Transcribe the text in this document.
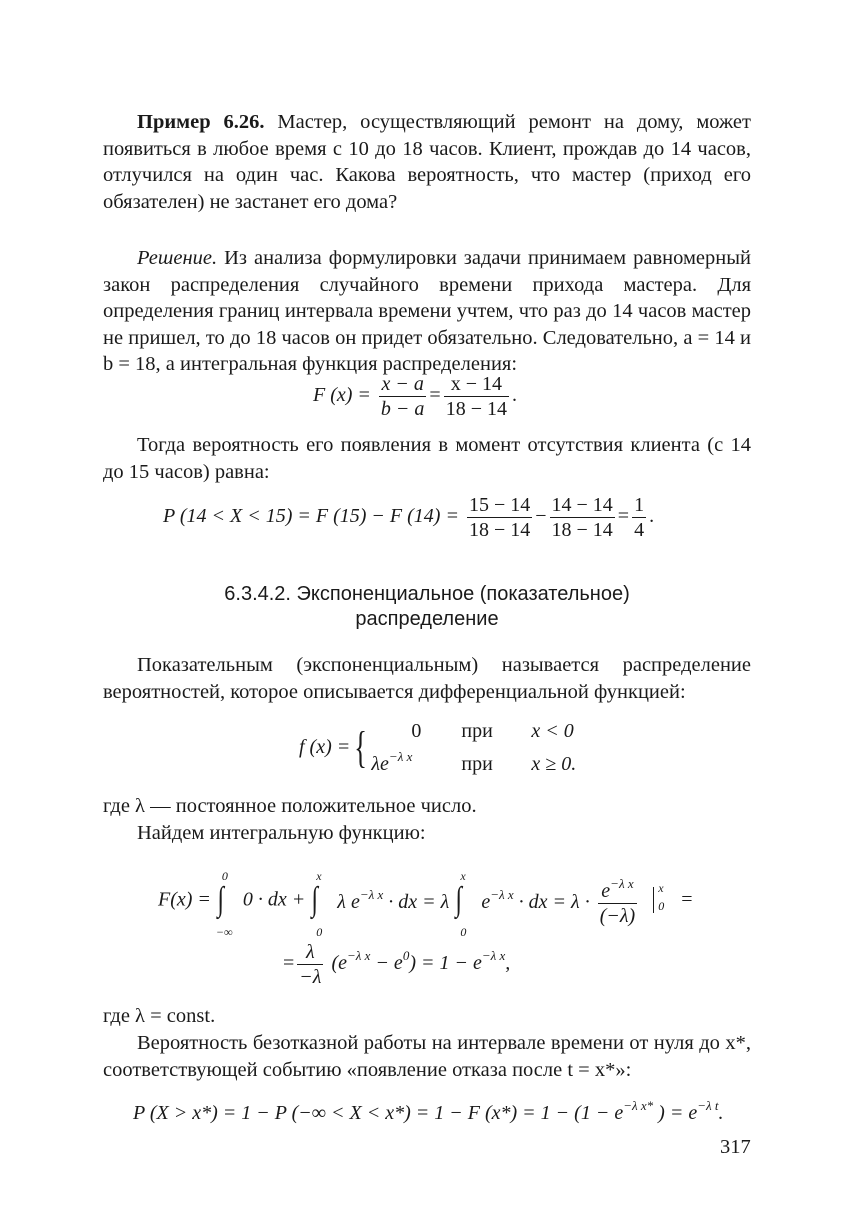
Пример 6.26. Мастер, осуществляющий ремонт на дому, может появиться в любое время с 10 до 18 часов. Клиент, прождав до 14 часов, отлучился на один час. Какова вероятность, что мастер (приход его обязателен) не застанет его дома?

Решение. Из анализа формулировки задачи принимаем равномерный закон распределения случайного времени прихода мастера. Для определения границ интервала времени учтем, что раз до 14 часов мастер не пришел, то до 18 часов он придет обязательно. Следовательно, a = 14 и b = 18, а интегральная функция распределения:

F $(x) = \frac{x - a}{b - a} = \frac{x - 14}{18 - 14}$ .

Тогда вероятность его появления в момент отсутствия клиента (с 14 до 15 часов) равна:

P (14 < X < 15) = F (15) − F $(14) = \frac{15 - 14}{18 - 14} - \frac{14 - 14}{18 - 14} = \frac{1}{4}$ .
6.3.4.2. Экспоненциальное (показательное)
распределение

Показательным (экспоненциальным) называется распределение вероятностей, которое описывается дифференциальной функцией:

f (x) ={	0 при x < 0
$\lambda e^{-\lambda x}$ при x ≥ 0.

где λ — постоянное положительное число.

Найдем интегральную функцию:

F(x) = ∫
0
−∞
0 · dx + ∫
x
0
λ $e^{-\lambda x}$ · dx = λ ∫
x
0
$e^{-\lambda x}$ · dx = $\lambda \cdot \frac{e^{-\lambda x}}{(-\lambda)}$
x
0 =
= $\frac{\lambda}{-\lambda} (e^{-\lambda x} - e^0) = 1 - e^{-\lambda x}$,

где λ = const.

Вероятность безотказной работы на интервале времени от нуля до x*, соответствующей событию «появление отказа после t = x*»:

P (X > x*) = 1 − P (−∞ < X < x*) = 1 − F $(x*) = 1 - (1 - e^{-\lambda x*}$ ) = $e^{-\lambda t}$.
317
